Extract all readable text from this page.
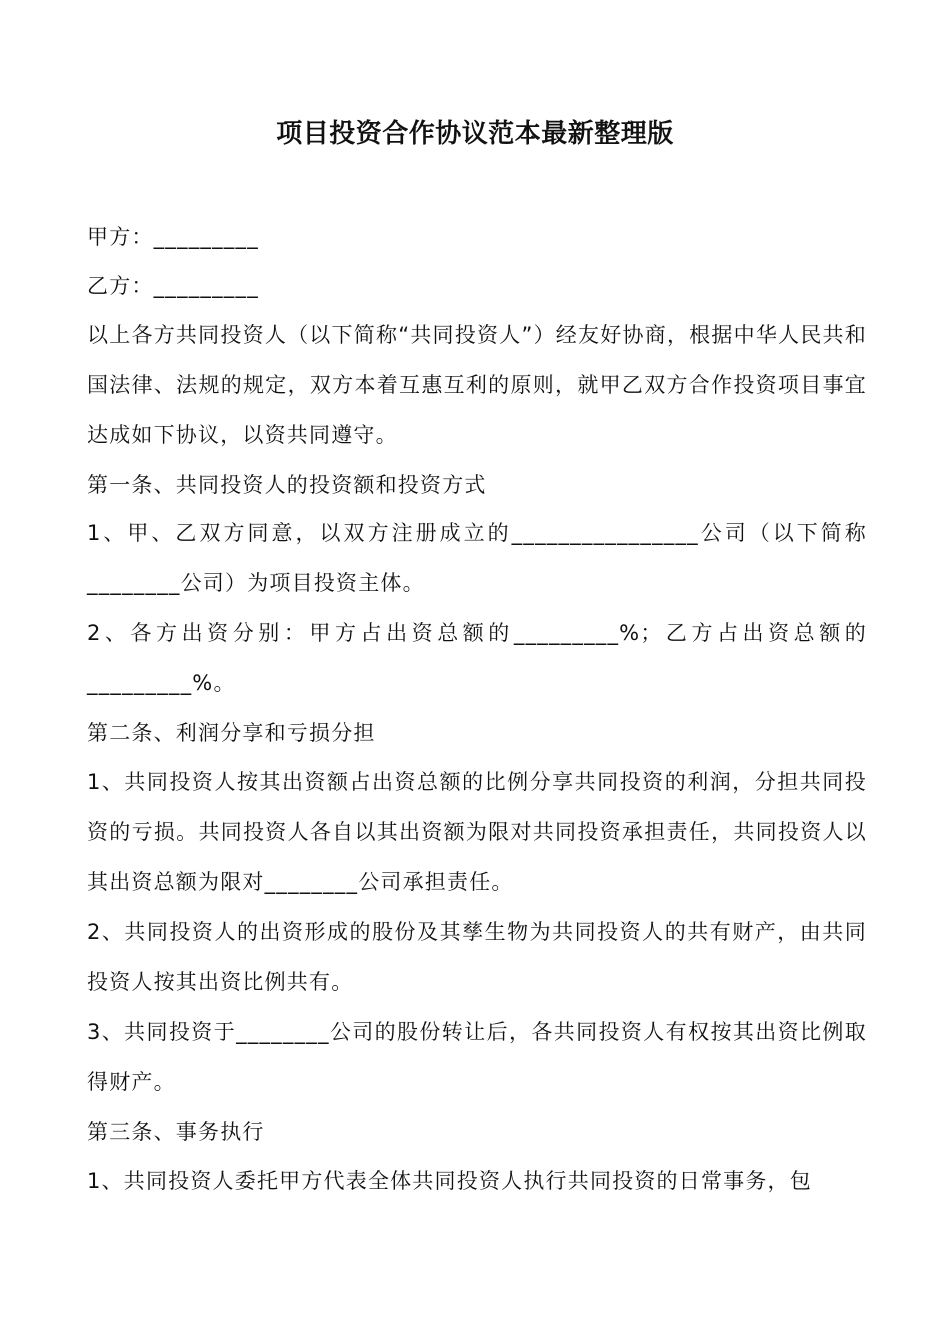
项目投资合作协议范本最新整理版
甲方：_________
乙方：_________
以上各方共同投资人（以下简称“共同投资人”）经友好协商，根据中华人民共和国法律、法规的规定，双方本着互惠互利的原则，就甲乙双方合作投资项目事宜达成如下协议，以资共同遵守。
第一条、共同投资人的投资额和投资方式
1、甲、乙双方同意，以双方注册成立的________________公司（以下简称________公司）为项目投资主体。
2、各方出资分别：甲方占出资总额的_________%；乙方占出资总额的_________%。
第二条、利润分享和亏损分担
1、共同投资人按其出资额占出资总额的比例分享共同投资的利润，分担共同投资的亏损。共同投资人各自以其出资额为限对共同投资承担责任，共同投资人以其出资总额为限对________公司承担责任。
2、共同投资人的出资形成的股份及其孳生物为共同投资人的共有财产，由共同投资人按其出资比例共有。
3、共同投资于________公司的股份转让后，各共同投资人有权按其出资比例取得财产。
第三条、事务执行
1、共同投资人委托甲方代表全体共同投资人执行共同投资的日常事务，包
